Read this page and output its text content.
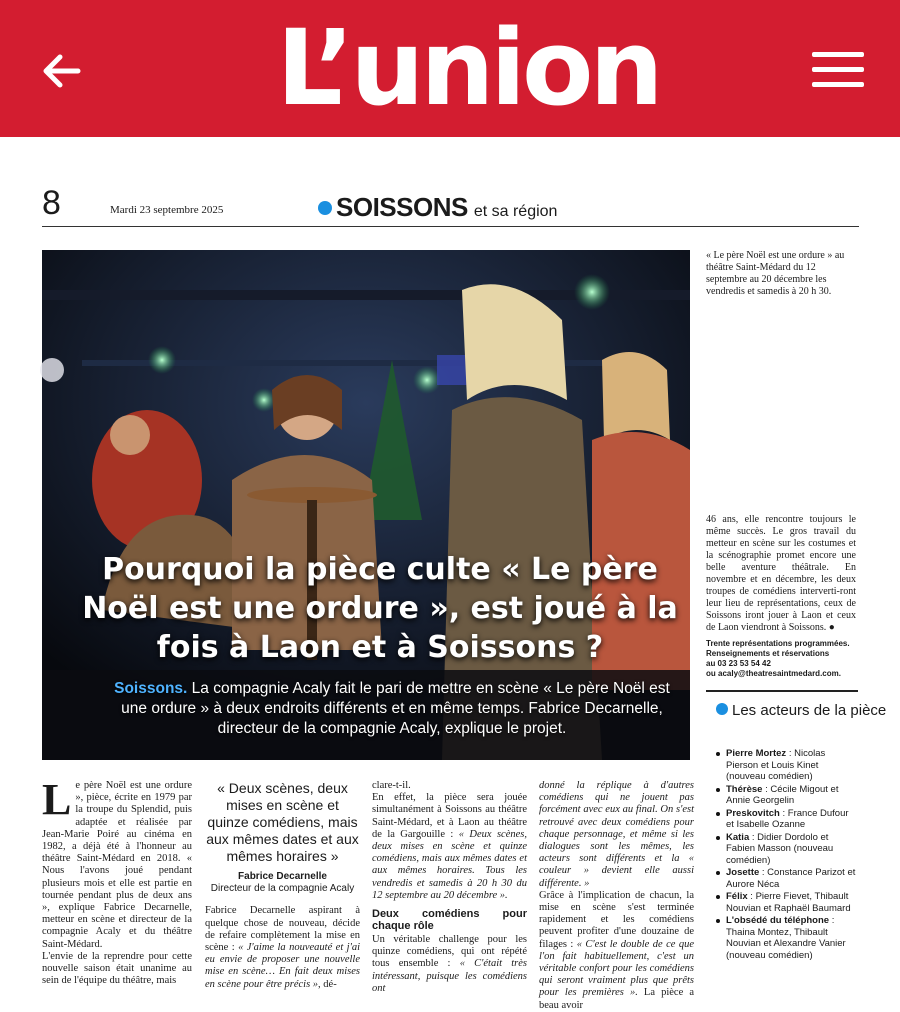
L’union
8	Mardi 23 septembre 2025	SOISSONS et sa région
Pourquoi la pièce culte « Le père Noël est une ordure », est joué à la fois à Laon et à Soissons ?
Soissons. La compagnie Acaly fait le pari de mettre en scène « Le père Noël est une ordure » à deux endroits différents et en même temps. Fabrice Decarnelle, directeur de la compagnie Acaly, explique le projet.
« Le père Noël est une ordure » au théâtre Saint-Médard du 12 septembre au 20 décembre les vendredis et samedis à 20 h 30.
46 ans, elle rencontre toujours le même succès. Le gros travail du metteur en scène sur les costumes et la scénographie promet encore une belle aventure théâtrale. En novembre et en décembre, les deux troupes de comédiens interverti-ront leur lieu de représentations, ceux de Soissons iront jouer à Laon et ceux de Laon viendront à Soissons. ●
Trente représentations programmées.
Renseignements et réservations
au 03 23 53 54 42
ou acaly@theatresaintmedard.com.
Les acteurs de la pièce
Pierre Mortez : Nicolas Pierson et Louis Kinet (nouveau comédien)
Thérèse : Cécile Migout et Annie Georgelin
Preskovitch : France Dufour et Isabelle Ozanne
Katia : Didier Dordolo et Fabien Masson (nouveau comédien)
Josette : Constance Parizot et Aurore Néca
Félix : Pierre Fievet, Thibault Nouvian et Raphaël Baumard
L'obsédé du téléphone : Thaina Montez, Thibault Nouvian et Alexandre Vanier (nouveau comédien)
L e père Noël est une ordure », pièce, écrite en 1979 par la troupe du Splendid, puis adaptée et réalisée par Jean-Marie Poiré au cinéma en 1982, a déjà été à l'honneur au théâtre Saint-Médard en 2018. « Nous l'avons joué pendant plusieurs mois et elle est partie en tournée pendant plus de deux ans », explique Fabrice Decarnelle, metteur en scène et directeur de la compagnie Acaly et du théâtre Saint-Médard.

L'envie de la reprendre pour cette nouvelle saison était unanime au sein de l'équipe du théâtre, mais

« Deux scènes, deux mises en scène et quinze comédiens, mais aux mêmes dates et aux mêmes horaires »
Fabrice Decarnelle
Directeur de la compagnie Acaly

Fabrice Decarnelle aspirant à quelque chose de nouveau, décide de refaire complètement la mise en scène : « J'aime la nouveauté et j'ai eu envie de proposer une nouvelle mise en scène… En fait deux mises en scène pour être précis », dé-

clare-t-il.

En effet, la pièce sera jouée simultanément à Soissons au théâtre Saint-Médard, et à Laon au théâtre de la Gargouille : « Deux scènes, deux mises en scène et quinze comédiens, mais aux mêmes dates et aux mêmes horaires. Tous les vendredis et samedis à 20 h 30 du 12 septembre au 20 décembre ».

Deux comédiens pour chaque rôle

Un véritable challenge pour les quinze comédiens, qui ont répété tous ensemble : « C'était très intéressant, puisque les comédiens ont

donné la réplique à d'autres comédiens qui ne jouent pas forcément avec eux au final. On s'est retrouvé avec deux comédiens pour chaque personnage, et même si les dialogues sont les mêmes, les acteurs sont différents et la « couleur » devient elle aussi différente. »

Grâce à l'implication de chacun, la mise en scène s'est terminée rapidement et les comédiens peuvent profiter d'une douzaine de filages : « C'est le double de ce que l'on fait habituellement, c'est un véritable confort pour les comédiens qui seront vraiment plus que prêts pour les premières ». La pièce a beau avoir
